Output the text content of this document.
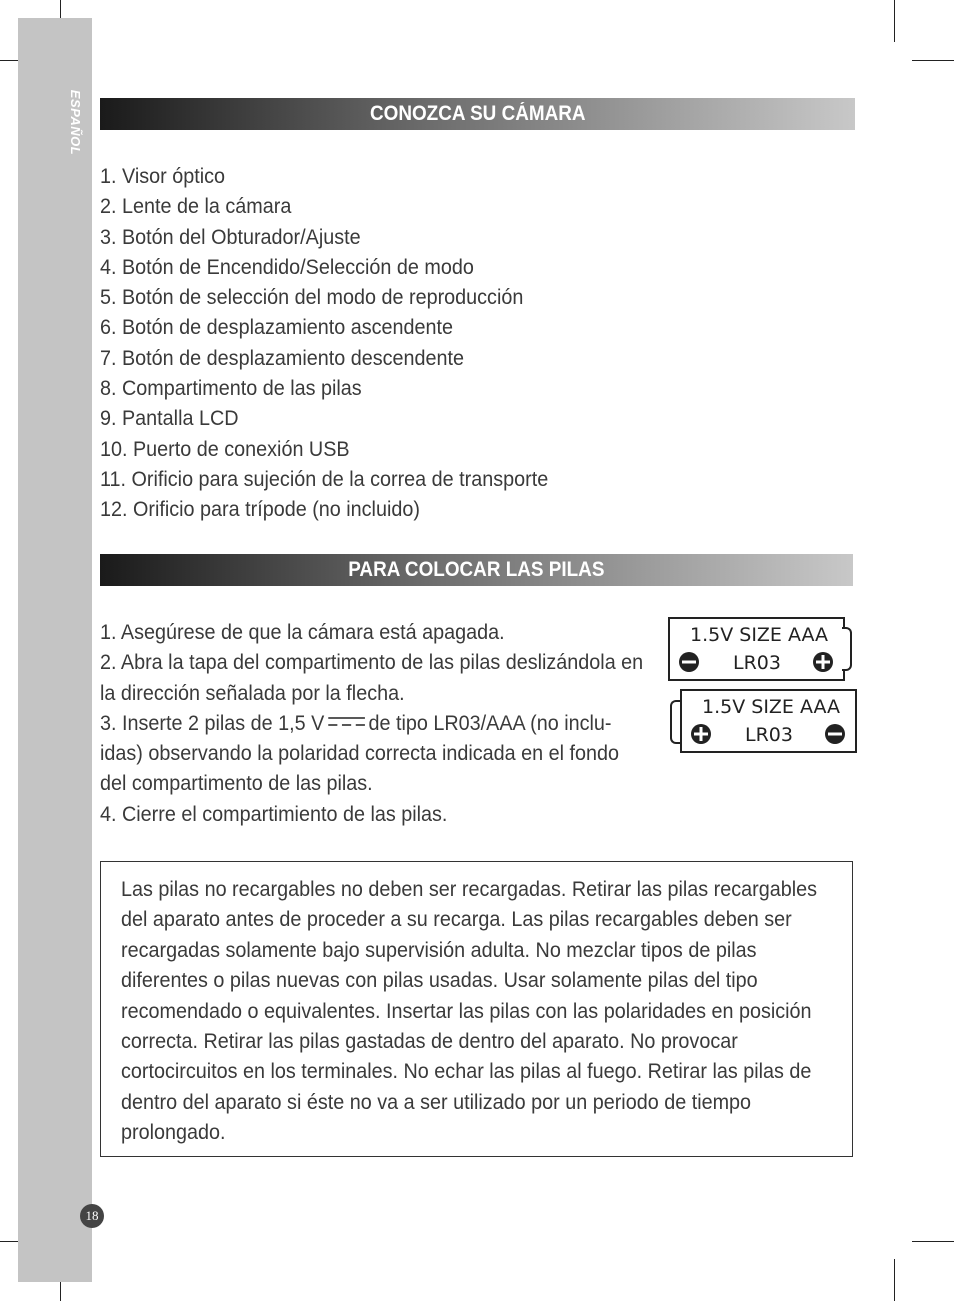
ESPAÑOL	CONOZCA SU CÁMARA
1. Visor óptico
2. Lente de la cámara
3. Botón del Obturador/Ajuste
4. Botón de Encendido/Selección de modo
5. Botón de selección del modo de reproducción
6. Botón de desplazamiento ascendente
7. Botón de desplazamiento descendente
8. Compartimento de las pilas
9. Pantalla LCD
10. Puerto de conexión USB
11. Orificio para sujeción de la correa de transporte
12. Orificio para trípode (no incluido)
PARA COLOCAR LAS PILAS

1. Asegúrese de que la cámara está apagada.

2. Abra la tapa del compartimento de las pilas deslizándola en

la dirección señalada por la flecha.

3. Inserte 2 pilas de 1,5 V de tipo LR03/AAA (no inclu-

idas) observando la polaridad correcta indicada en el fondo

del compartimento de las pilas.

4. Cierre el compartimiento de las pilas.

1.5V SIZE AAA
LR03
1.5V SIZE AAA
LR03

Las pilas no recargables no deben ser recargadas. Retirar las pilas recargables del aparato antes de proceder a su recarga. Las pilas recargables deben ser recargadas solamente bajo supervisión adulta. No mezclar tipos de pilas diferentes o pilas nuevas con pilas usadas. Usar solamente pilas del tipo recomendado o equivalentes. Insertar las pilas con las polaridades en posición correcta. Retirar las pilas gastadas de dentro del aparato. No provocar cortocircuitos en los terminales. No echar las pilas al fuego. Retirar las pilas de dentro del aparato si éste no va a ser utilizado por un periodo de tiempo prolongado.

18
